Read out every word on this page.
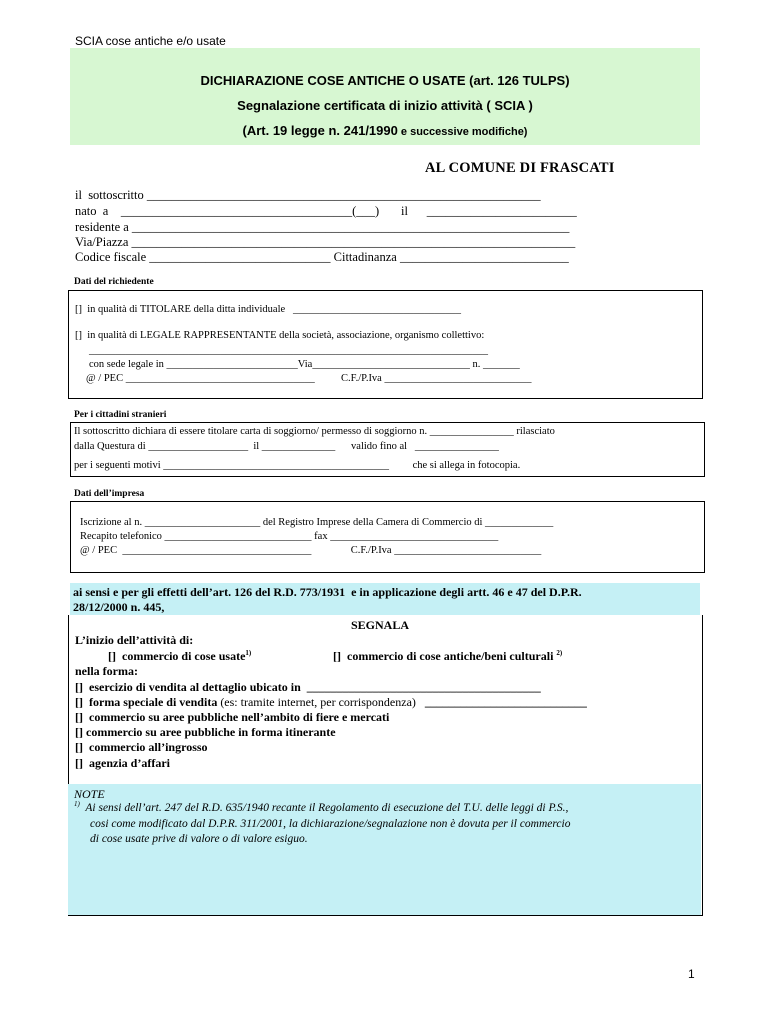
SCIA cose antiche e/o usate
DICHIARAZIONE COSE ANTICHE O USATE (art. 126 TULPS)
Segnalazione certificata di inizio attività ( SCIA )
(Art. 19 legge n. 241/1990 e successive modifiche)
AL COMUNE DI FRASCATI
il  sottoscritto _______________________________________________________________
nato  a    _____________________________________(___)       il      ________________________
residente a ______________________________________________________________________
Via/Piazza _______________________________________________________________________
Codice fiscale _____________________________ Cittadinanza ___________________________
Dati del richiedente
[]  in qualità di TITOLARE della ditta individuale   ________________________________
[]  in qualità di LEGALE RAPPRESENTANTE della società, associazione, organismo collettivo:
____________________________________________________________________________
con sede legale in _________________________Via______________________________ n. _______
@ / PEC ____________________________________          C.F./P.Iva ____________________________
Per i cittadini stranieri
Il sottoscritto dichiara di essere titolare carta di soggiorno/ permesso di soggiorno n. ________________ rilasciato
dalla Questura di ___________________  il ______________      valido fino al   ________________
per i seguenti motivi ___________________________________________         che si allega in fotocopia.
Dati dell’impresa
Iscrizione al n. ______________________ del Registro Imprese della Camera di Commercio di _____________
Recapito telefonico ____________________________ fax ________________________________
@ / PEC  ____________________________________               C.F./P.Iva ____________________________
ai sensi e per gli effetti dell’art. 126 del R.D. 773/1931  e in applicazione degli artt. 46 e 47 del D.P.R.
28/12/2000 n. 445,
SEGNALA
L’inizio dell’attività di:
[]  commercio di cose usate$^{1)}$	[]  commercio di cose antiche/beni culturali $^{2)}$
nella forma:
[]  esercizio di vendita al dettaglio ubicato in  _______________________________________
[]  forma speciale di vendita (es: tramite internet, per corrispondenza)   ___________________________
[]  commercio su aree pubbliche nell’ambito di fiere e mercati
[] commercio su aree pubbliche in forma itinerante
[]  commercio all’ingrosso
[]  agenzia d’affari
NOTE
$^{1)}$  Ai sensi dell’art. 247 del R.D. 635/1940 recante il Regolamento di esecuzione del T.U. delle leggi di P.S.,
cosi come modificato dal D.P.R. 311/2001, la dichiarazione/segnalazione non è dovuta per il commercio
di cose usate prive di valore o di valore esiguo.
1
